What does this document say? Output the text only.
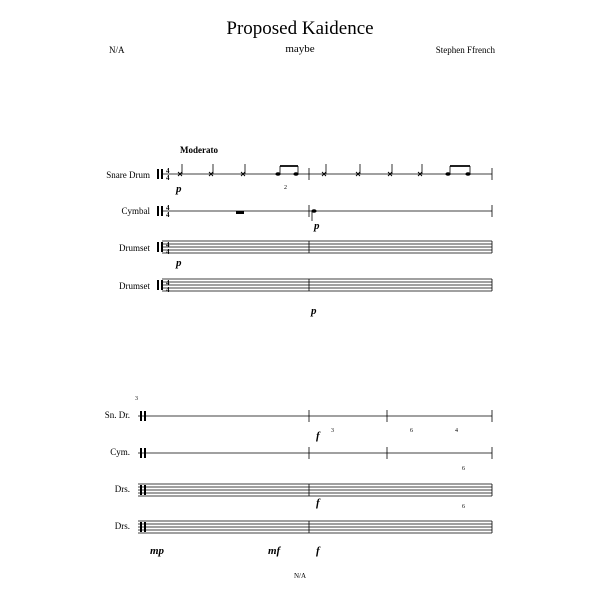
Proposed Kaidence
maybe
N/A	Stephen Ffrench
Moderato
Snare Drum
Cymbal
Drumset
Drumset
Sn. Dr.
Cym.
Drs.
Drs.
3
p
p
p
p
f
f
mp	mf	f
2
3	6	4
6
6
N/A
4
4
4
4
4
4
4
4
